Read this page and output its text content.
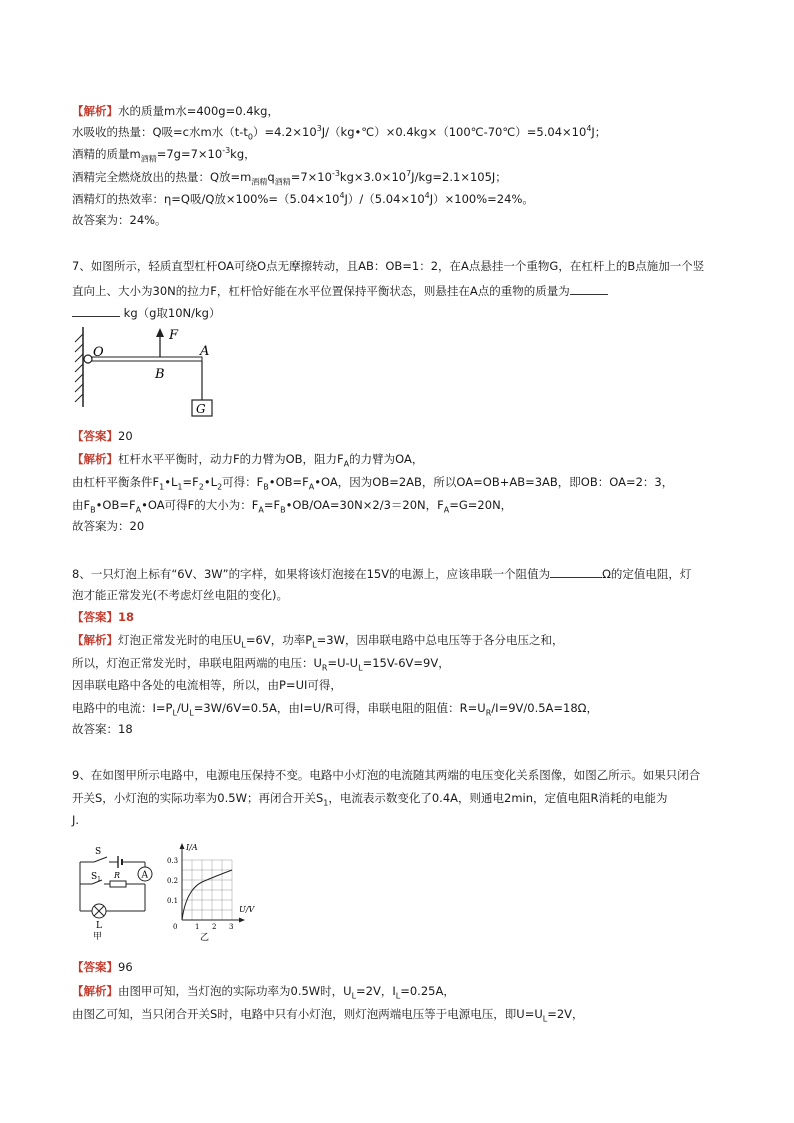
【解析】水的质量m水=400g=0.4kg，
水吸收的热量：Q吸=c水m水$(t-t_0)=4.2\times 10^3J/(kg•℃)\times 0.4kg\times(100℃-70℃)=5.04\times 10^4J$；
酒精的质量$m_{酒精}=7g=7\times 10^{-3}kg$，
酒精完全燃烧放出的热量：Q放$=m_{酒精}q_{酒精}=7\times 10^{-3}kg\times 3.0\times 10^7J/kg=2.1\times 105J$；
酒精灯的热效率：η=Q吸/Q放$\times 100\%=(5.04\times 10^4J)/(5.04\times 10^4J)\times 100\%=24\%$。
故答案为：24%。
7、如图所示，轻质直型杠杆OA可绕O点无摩擦转动，且AB：OB=1：2，在A点悬挂一个重物G，在杠杆上的B点施加一个竖
直向上、大小为30N的拉力F，杠杆恰好能在水平位置保持平衡状态，则悬挂在A点的重物的质量为
kg（g取10N/kg）
O	A
B
F
G
【答案】20
【解析】杠杆水平平衡时，动力F的力臂为OB，阻力$F_A$的力臂为OA，
由杠杆平衡条件$F_1•L_1=F_2•L_2$可得：$F_B•OB=F_A•OA$，因为OB=2AB，所以OA=OB+AB=3AB，即OB：OA=2：3，
由$F_B•OB=F_A•OA$可得F的大小为：$F_A=F_B•OB/OA=30N\times 2/3=20N$，$F_A=G=20N$，
故答案为：20
8、一只灯泡上标有“6V、3W”的字样，如果将该灯泡接在15V的电源上，应该串联一个阻值为	Ω的定值电阻，灯
泡才能正常发光(不考虑灯丝电阻的变化)。
【答案】18
【解析】灯泡正常发光时的电压$U_L=6V$，功率$P_L=3W$，因串联电路中总电压等于各分电压之和，
所以，灯泡正常发光时，串联电阻两端的电压：$U_R=U-U_L=15V-6V=9V$，
因串联电路中各处的电流相等，所以，由P=UI可得，
电路中的电流：$I=P_L/U_L=3W/6V=0.5A$，由I=U/R可得，串联电阻的阻值：$R=U_R/I=9V/0.5A=18\Omega$，
故答案：18
9、在如图甲所示电路中，电源电压保持不变。电路中小灯泡的电流随其两端的电压变化关系图像，如图乙所示。如果只闭合
开关S，小灯泡的实际功率为0.5W；再闭合开关$S_1$，电流表示数变化了0.4A，则通电2min，定值电阻R消耗的电能为
J.
A
S
$S_1$ R
L
甲
I/A
U/V
0.3
0.2
0.1
0	1 2 3
乙
【答案】96
【解析】由图甲可知，当灯泡的实际功率为0.5W时，$U_L=2V$，$I_L=0.25A$，
由图乙可知，当只闭合开关S时，电路中只有小灯泡，则灯泡两端电压等于电源电压，即$U=U_L=2V$，
